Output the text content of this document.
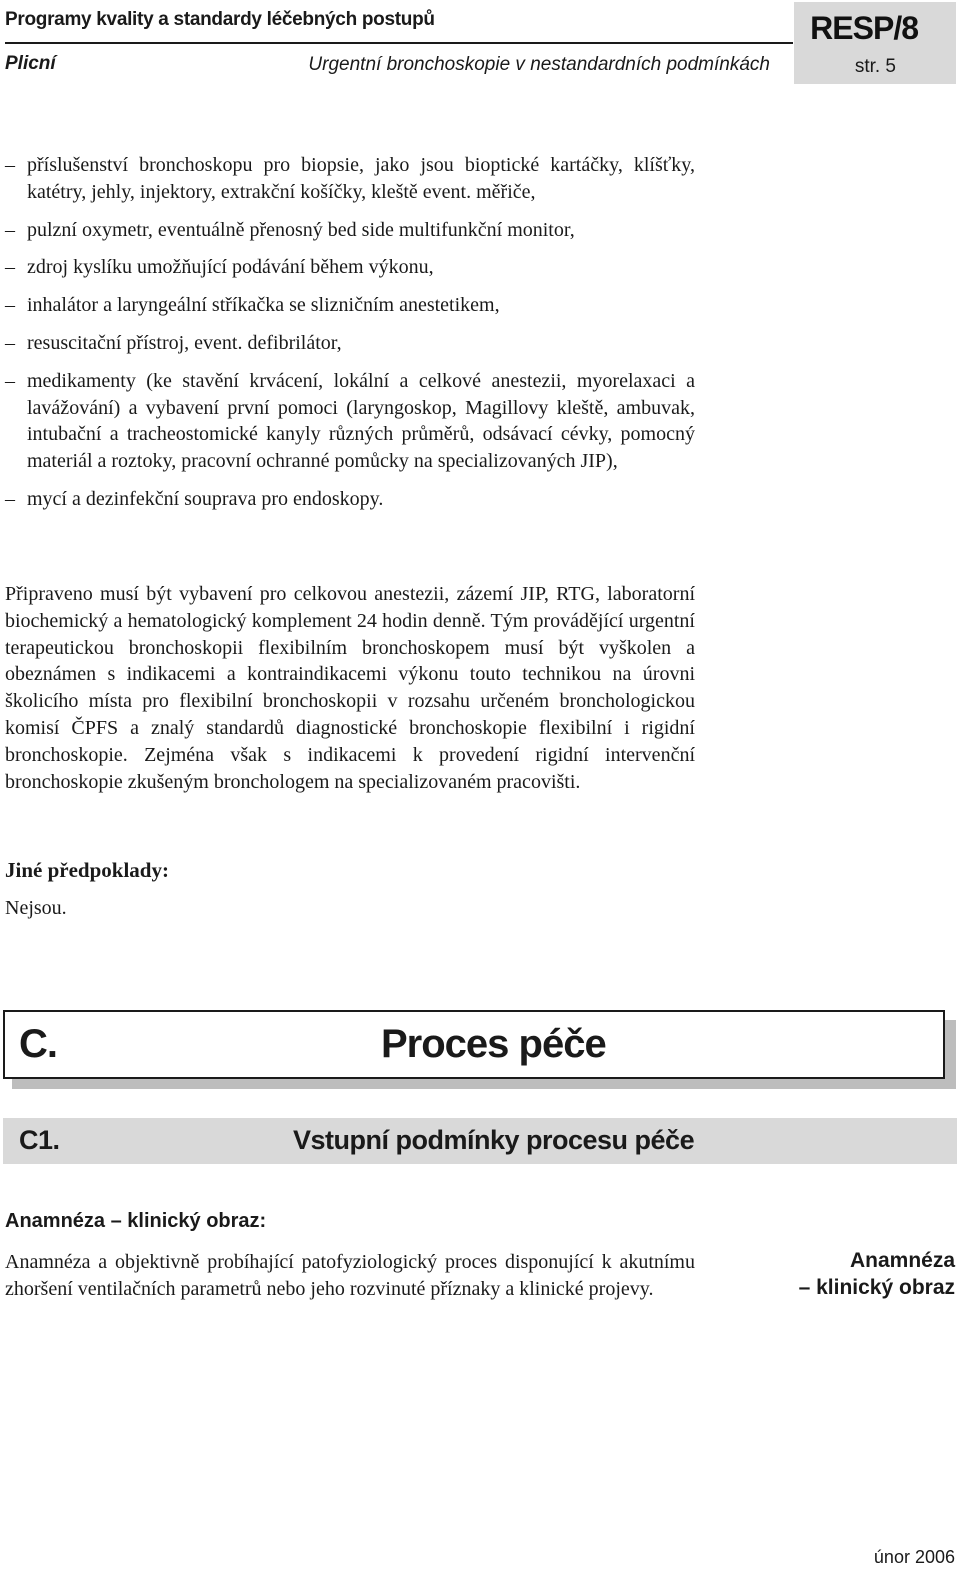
Programy kvality a standardy léčebných postupů
Plicní	Urgentní bronchoskopie v nestandardních podmínkách
RESP/8
str. 5
– příslušenství bronchoskopu pro biopsie, jako jsou bioptické kartáčky, klíšťky, katétry, jehly, injektory, extrakční košíčky, kleště event. měřiče,
– pulzní oxymetr, eventuálně přenosný bed side multifunkční monitor,
– zdroj kyslíku umožňující podávání během výkonu,
– inhalátor a laryngeální stříkačka se slizničním anestetikem,
– resuscitační přístroj, event. defibrilátor,
– medikamenty (ke stavění krvácení, lokální a celkové anestezii, myorelaxaci a lavážování) a vybavení první pomoci (laryngoskop, Magillovy kleště, ambuvak, intubační a tracheostomické kanyly různých průměrů, odsávací cévky, pomocný materiál a roztoky, pracovní ochranné pomůcky na specializovaných JIP),
– mycí a dezinfekční souprava pro endoskopy.
Připraveno musí být vybavení pro celkovou anestezii, zázemí JIP, RTG, laboratorní biochemický a hematologický komplement 24 hodin denně. Tým provádějící urgentní terapeutickou bronchoskopii flexibilním bronchoskopem musí být vyškolen a obeznámen s indikacemi a kontraindikacemi výkonu touto technikou na úrovni školicího místa pro flexibilní bronchoskopii v rozsahu určeném bronchologickou komisí ČPFS a znalý standardů diagnostické bronchoskopie flexibilní i rigidní bronchoskopie. Zejména však s indikacemi k provedení rigidní intervenční bronchoskopie zkušeným bronchologem na specializovaném pracovišti.
Jiné předpoklady:
Nejsou.
C.	Proces péče
C1.	Vstupní podmínky procesu péče
Anamnéza – klinický obraz:
Anamnéza a objektivně probíhající patofyziologický proces disponující k akutnímu zhoršení ventilačních parametrů nebo jeho rozvinuté příznaky a klinické projevy.
Anamnéza
– klinický obraz
únor 2006
